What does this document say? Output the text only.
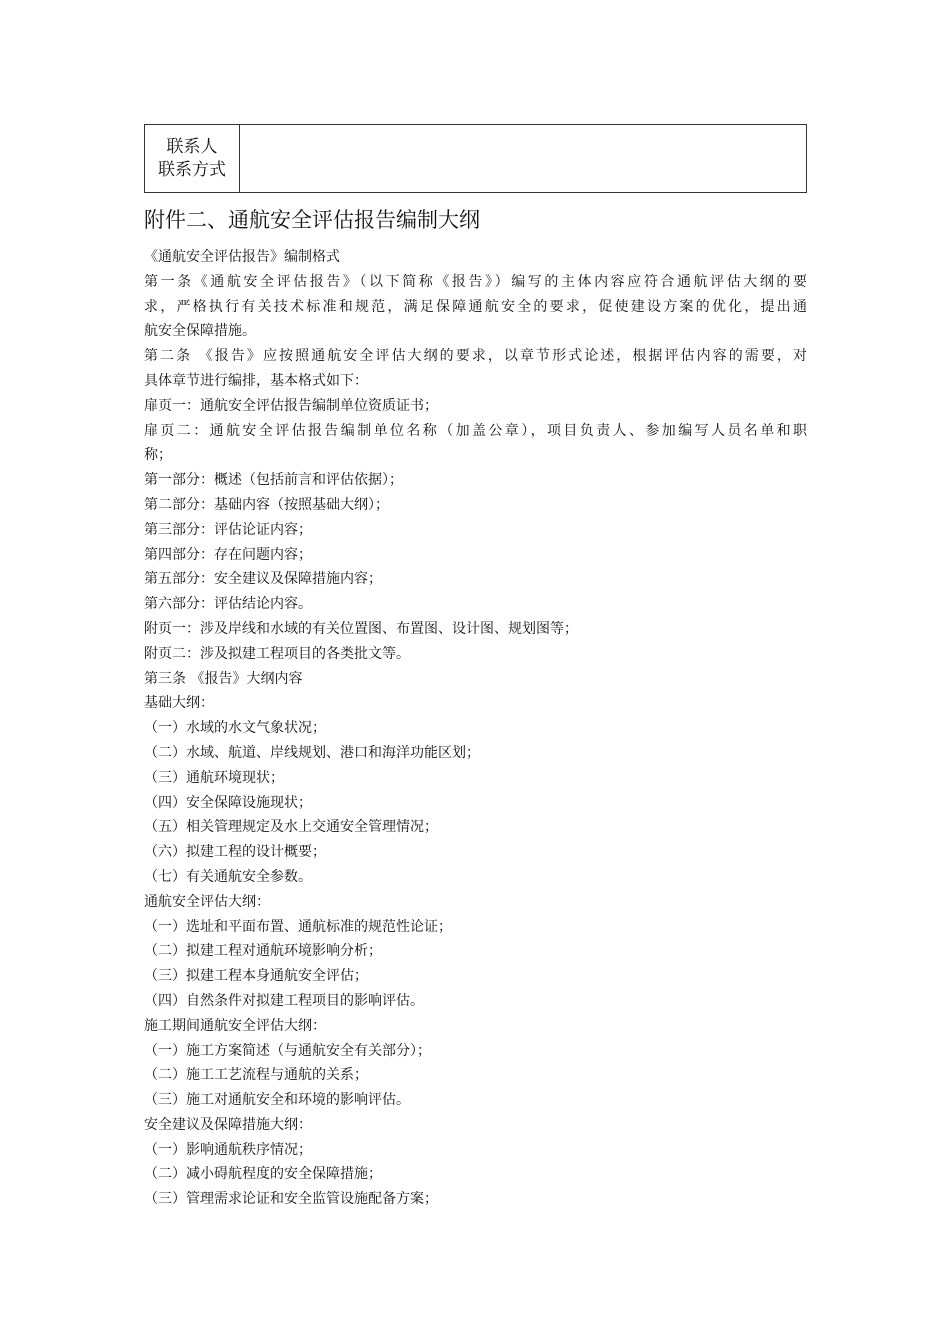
联系人
联系方式
附件二、通航安全评估报告编制大纲
《通航安全评估报告》编制格式
第一条《通航安全评估报告》（以下简称《报告》）编写的主体内容应符合通航评估大纲的要
求，严格执行有关技术标准和规范，满足保障通航安全的要求，促使建设方案的优化，提出通
航安全保障措施。
第二条 《报告》应按照通航安全评估大纲的要求，以章节形式论述，根据评估内容的需要，对
具体章节进行编排，基本格式如下：
扉页一：通航安全评估报告编制单位资质证书；
扉页二：通航安全评估报告编制单位名称（加盖公章），项目负责人、参加编写人员名单和职
称；
第一部分：概述（包括前言和评估依据）；
第二部分：基础内容（按照基础大纲）；
第三部分：评估论证内容；
第四部分：存在问题内容；
第五部分：安全建议及保障措施内容；
第六部分：评估结论内容。
附页一：涉及岸线和水域的有关位置图、布置图、设计图、规划图等；
附页二：涉及拟建工程项目的各类批文等。
第三条 《报告》大纲内容
基础大纲：
（一）水域的水文气象状况；
（二）水域、航道、岸线规划、港口和海洋功能区划；
（三）通航环境现状；
（四）安全保障设施现状；
（五）相关管理规定及水上交通安全管理情况；
（六）拟建工程的设计概要；
（七）有关通航安全参数。
通航安全评估大纲：
（一）选址和平面布置、通航标准的规范性论证；
（二）拟建工程对通航环境影响分析；
（三）拟建工程本身通航安全评估；
（四）自然条件对拟建工程项目的影响评估。
施工期间通航安全评估大纲：
（一）施工方案简述（与通航安全有关部分）；
（二）施工工艺流程与通航的关系；
（三）施工对通航安全和环境的影响评估。
安全建议及保障措施大纲：
（一）影响通航秩序情况；
（二）减小碍航程度的安全保障措施；
（三）管理需求论证和安全监管设施配备方案；
